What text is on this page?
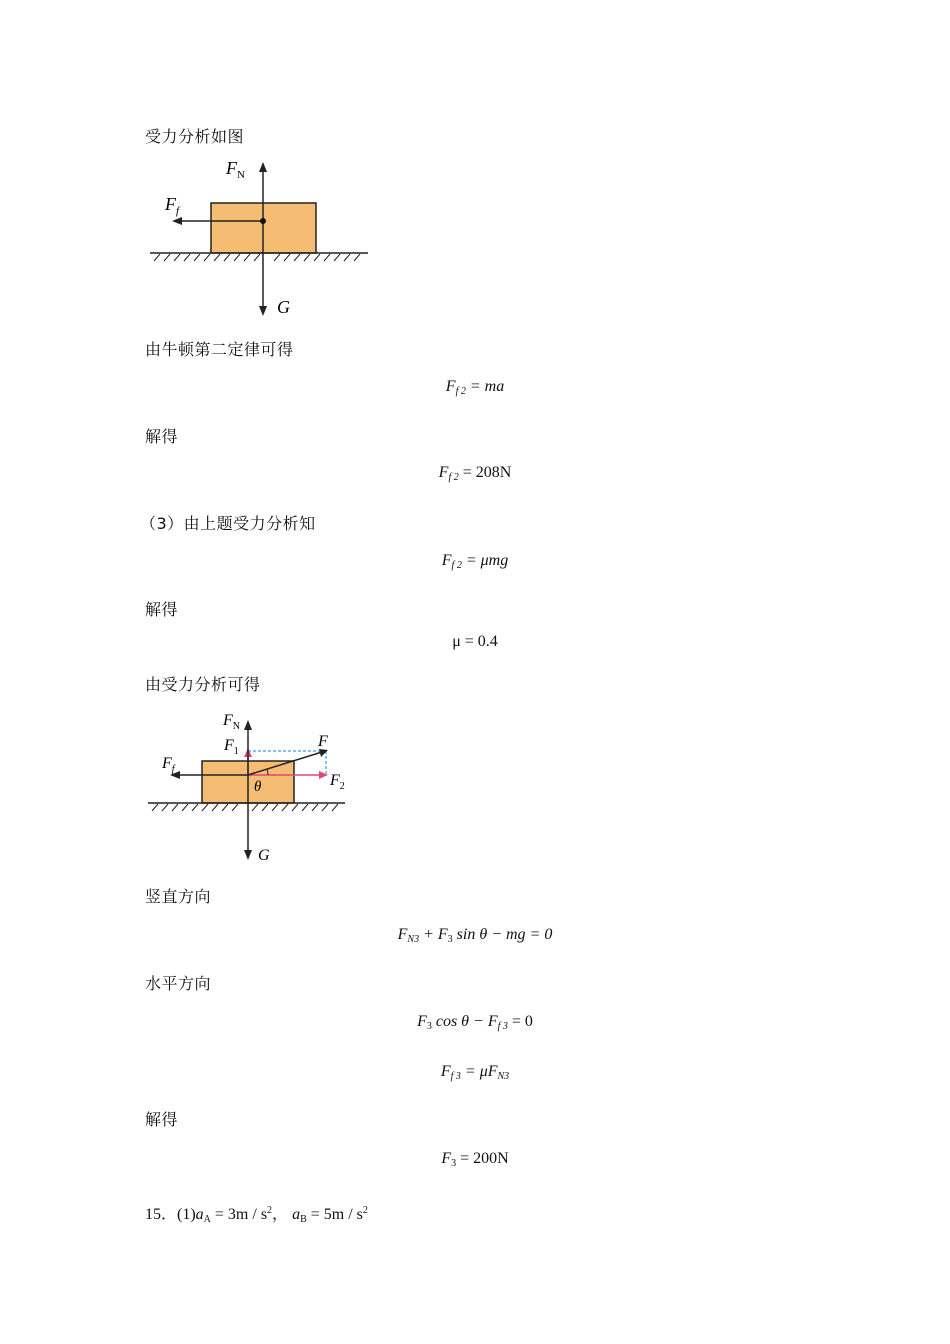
受力分析如图
$F_N$
$F_f$
G
由牛顿第二定律可得
$F_{f 2}$ = ma
解得
$F_{f 2} = 208N$
（3）由上题受力分析知
$F_{f 2} = \mu mg$
解得
μ = 0.4
由受力分析可得
$F_N$
$F_1$
F
$F_f$
$F_2$
θ
G
竖直方向
$F_{N3} + F_3$ sin θ − mg = 0
水平方向
$F_3$ $\cos \theta - F_{f 3} = 0$
$F_{f 3} = \mu F_{N3}$
解得
$F_3 = 200N$
15．$(1)a_A = 3m / s^2$， $a_B = 5m / s^2$
